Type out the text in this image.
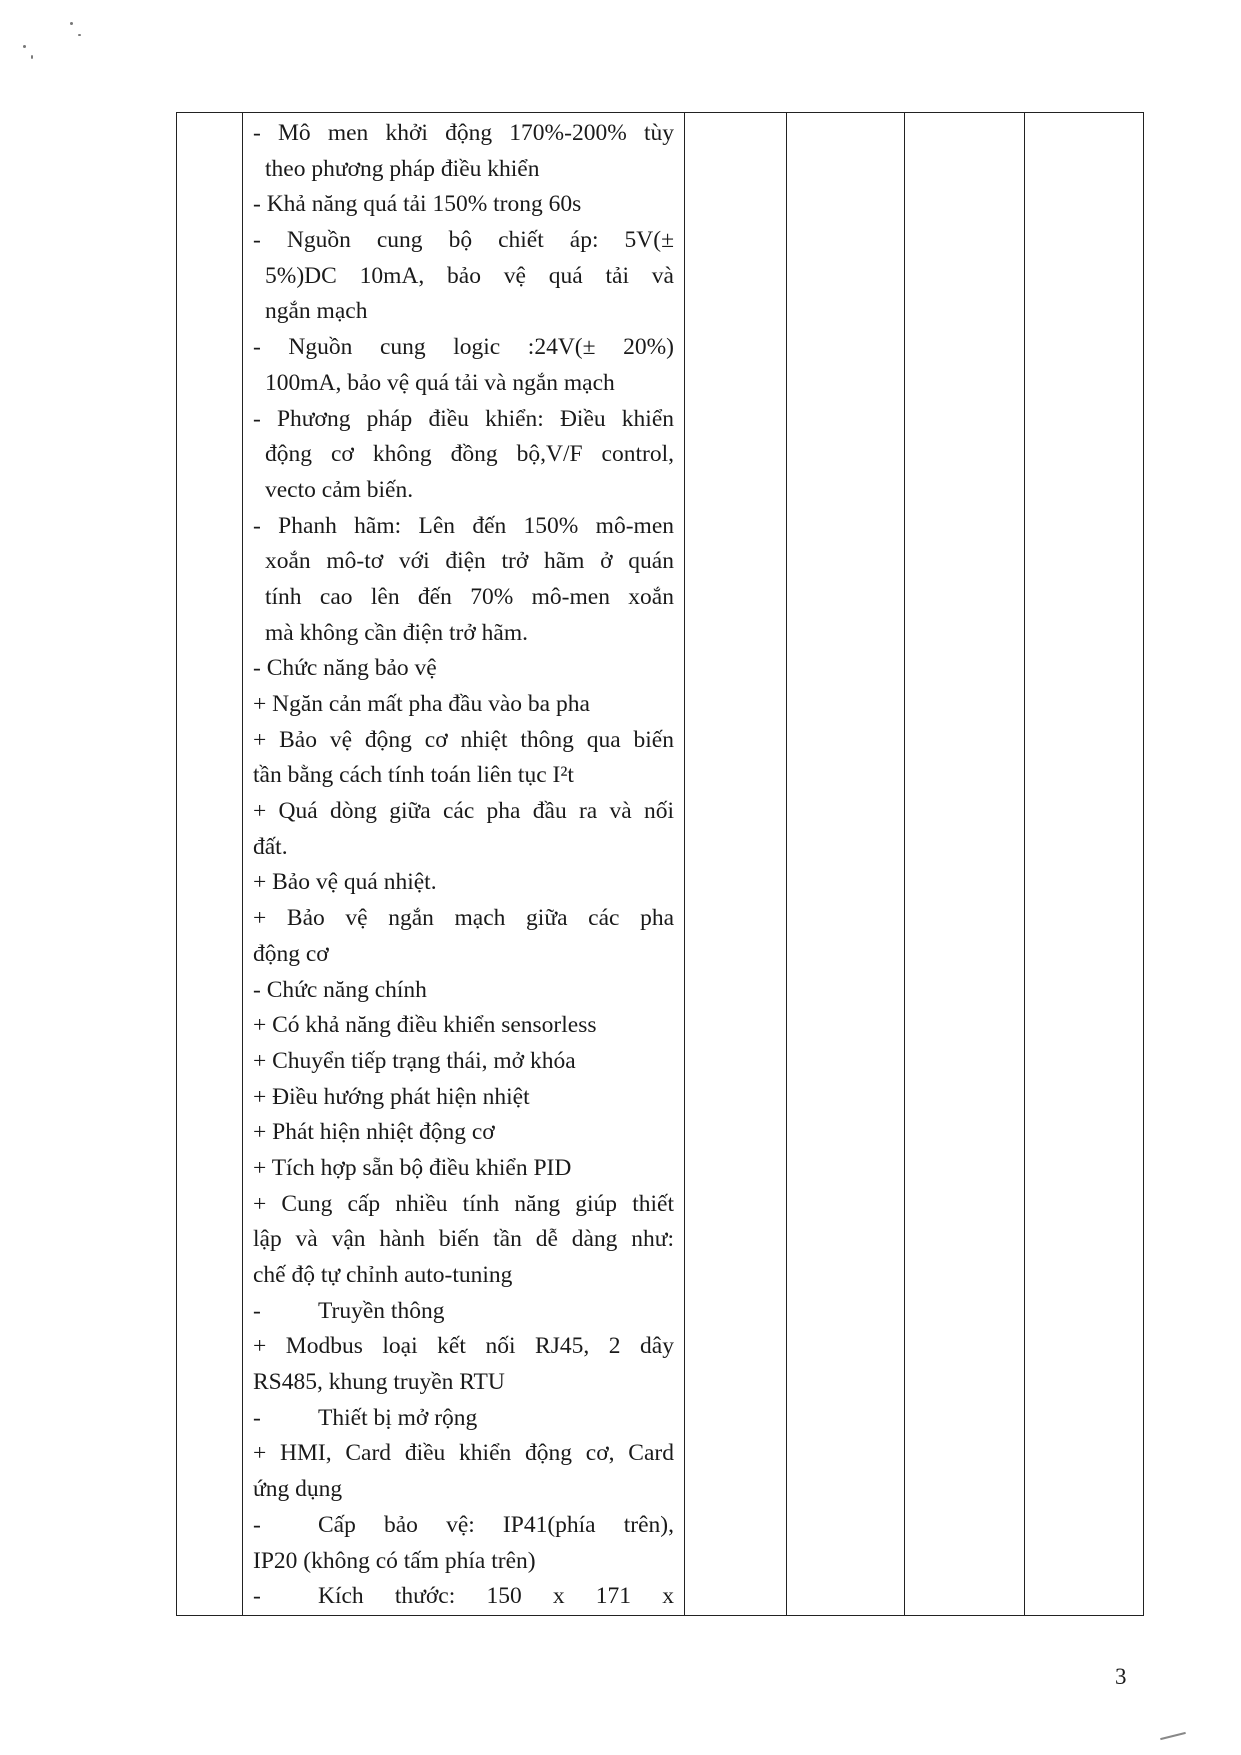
- Mô men khởi động 170%-200% tùy
theo phương pháp điều khiển
- Khả năng quá tải 150% trong 60s
- Nguồn cung bộ chiết áp: 5V(±
5%)DC 10mA, bảo vệ quá tải và
ngắn mạch
- Nguồn cung logic :24V(± 20%)
100mA, bảo vệ quá tải và ngắn mạch
- Phương pháp điều khiển: Điều khiển
động cơ không đồng bộ,V/F control,
vecto cảm biến.
- Phanh hãm: Lên đến 150% mô-men
xoắn mô-tơ với điện trở hãm ở quán
tính cao lên đến 70% mô-men xoắn
mà không cần điện trở hãm.
- Chức năng bảo vệ
+ Ngăn cản mất pha đầu vào ba pha
+ Bảo vệ động cơ nhiệt thông qua biến
tần bằng cách tính toán liên tục I²t
+ Quá dòng giữa các pha đầu ra và nối
đất.
+ Bảo vệ quá nhiệt.
+ Bảo vệ ngắn mạch giữa các pha
động cơ
- Chức năng chính
+ Có khả năng điều khiển sensorless
+ Chuyển tiếp trạng thái, mở khóa
+ Điều hướng phát hiện nhiệt
+ Phát hiện nhiệt động cơ
+ Tích hợp sẵn bộ điều khiển PID
+ Cung cấp nhiều tính năng giúp thiết
lập và vận hành biến tần dễ dàng như:
chế độ tự chỉnh auto-tuning
- Truyền thông
+ Modbus loại kết nối RJ45, 2 dây
RS485, khung truyền RTU
- Thiết bị mở rộng
+ HMI, Card điều khiển động cơ, Card
ứng dụng
-	Cấp bảo vệ: IP41(phía trên),
IP20 (không có tấm phía trên)
-	Kích thước: 150 x 171 x

3
